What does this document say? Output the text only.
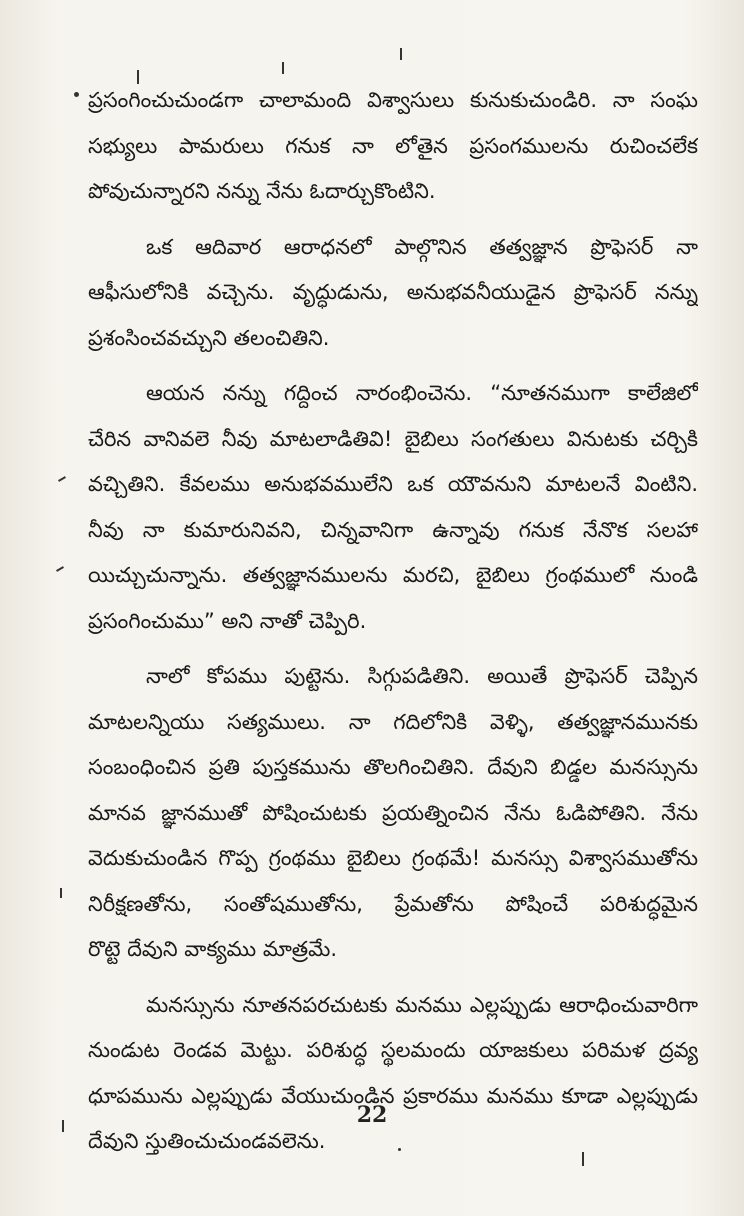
ప్రసంగించుచుండగా చాలామంది విశ్వాసులు కునుకుచుండిరి. నా సంఘ
సభ్యులు పామరులు గనుక నా లోతైన ప్రసంగములను రుచించలేక
పోవుచున్నారని నన్ను నేను ఓదార్చుకొంటిని.
ఒక ఆదివార ఆరాధనలో పాల్గొనిన తత్వజ్ఞాన ప్రొఫెసర్ నా
ఆఫీసులోనికి వచ్చెను. వృద్ధుడును, అనుభవనీయుడైన ప్రొఫెసర్ నన్ను
ప్రశంసించవచ్చుని తలంచితిని.
ఆయన నన్ను గద్దించ నారంభించెను. “నూతనముగా కాలేజిలో
చేరిన వానివలె నీవు మాటలాడితివి! బైబిలు సంగతులు వినుటకు చర్చికి
వచ్చితిని. కేవలము అనుభవములేని ఒక యౌవనుని మాటలనే వింటిని.
నీవు నా కుమారునివని, చిన్నవానిగా ఉన్నావు గనుక నేనొక సలహా
యిచ్చుచున్నాను. తత్వజ్ఞానములను మరచి, బైబిలు గ్రంథములో నుండి
ప్రసంగించుము” అని నాతో చెప్పిరి.
నాలో కోపము పుట్టెను. సిగ్గుపడితిని. అయితే ప్రొఫెసర్ చెప్పిన
మాటలన్నియు సత్యములు. నా గదిలోనికి వెళ్ళి, తత్వజ్ఞానమునకు
సంబంధించిన ప్రతి పుస్తకమును తొలగించితిని. దేవుని బిడ్డల మనస్సును
మానవ జ్ఞానముతో పోషించుటకు ప్రయత్నించిన నేను ఓడిపోతిని. నేను
వెదుకుచుండిన గొప్ప గ్రంథము బైబిలు గ్రంథమే! మనస్సు విశ్వాసముతోను
నిరీక్షణతోను, సంతోషముతోను, ప్రేమతోను పోషించే పరిశుద్ధమైన
రొట్టె దేవుని వాక్యము మాత్రమే.
మనస్సును నూతనపరచుటకు మనము ఎల్లప్పుడు ఆరాధించువారిగా
నుండుట రెండవ మెట్టు. పరిశుద్ధ స్థలమందు యాజకులు పరిమళ ద్రవ్య
ధూపమును ఎల్లప్పుడు వేయుచుండిన ప్రకారము మనము కూడా ఎల్లప్పుడు
దేవుని స్తుతించుచుండవలెను.
22
